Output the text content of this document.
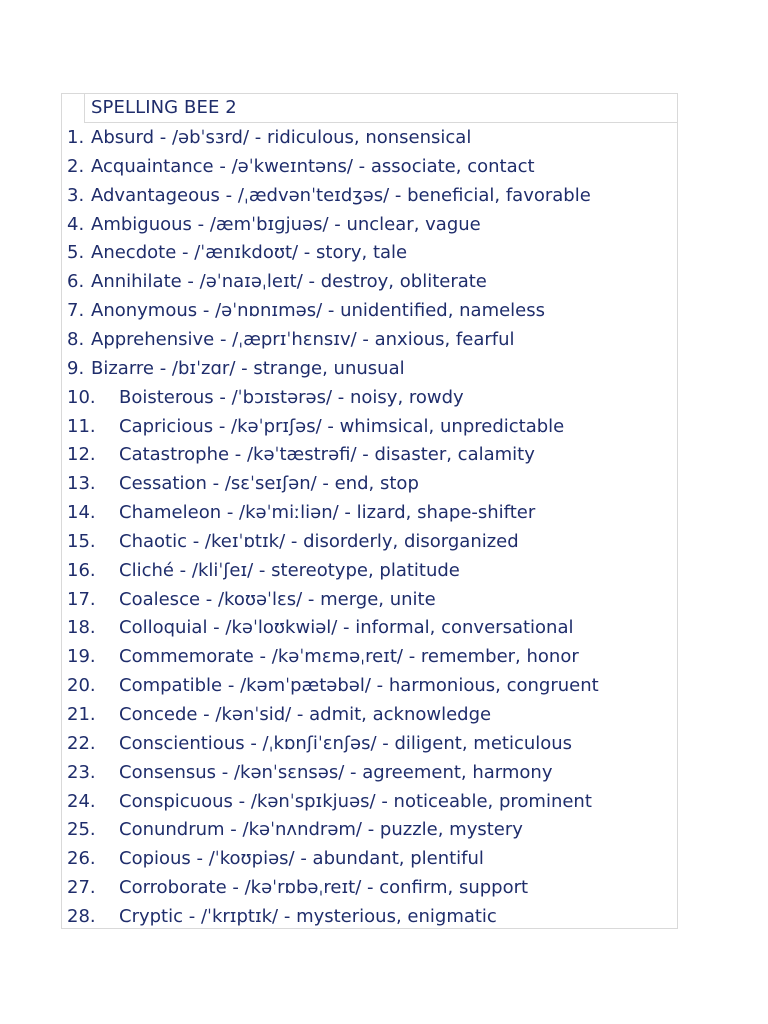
SPELLING BEE 2
1. Absurd - /əbˈsɜrd/ - ridiculous, nonsensical
2. Acquaintance - /əˈkweɪntəns/ - associate, contact
3. Advantageous - /ˌædvənˈteɪdʒəs/ - beneficial, favorable
4. Ambiguous - /æmˈbɪɡjuəs/ - unclear, vague
5. Anecdote - /ˈænɪkdoʊt/ - story, tale
6. Annihilate - /əˈnaɪəˌleɪt/ - destroy, obliterate
7. Anonymous - /əˈnɒnɪməs/ - unidentified, nameless
8. Apprehensive - /ˌæprɪˈhɛnsɪv/ - anxious, fearful
9. Bizarre - /bɪˈzɑr/ - strange, unusual
10. Boisterous - /ˈbɔɪstərəs/ - noisy, rowdy
11. Capricious - /kəˈprɪʃəs/ - whimsical, unpredictable
12. Catastrophe - /kəˈtæstrəfi/ - disaster, calamity
13. Cessation - /sɛˈseɪʃən/ - end, stop
14. Chameleon - /kəˈmiːliən/ - lizard, shape-shifter
15. Chaotic - /keɪˈɒtɪk/ - disorderly, disorganized
16. Cliché - /kliˈʃeɪ/ - stereotype, platitude
17. Coalesce - /koʊəˈlɛs/ - merge, unite
18. Colloquial - /kəˈloʊkwiəl/ - informal, conversational
19. Commemorate - /kəˈmɛməˌreɪt/ - remember, honor
20. Compatible - /kəmˈpætəbəl/ - harmonious, congruent
21. Concede - /kənˈsid/ - admit, acknowledge
22. Conscientious - /ˌkɒnʃiˈɛnʃəs/ - diligent, meticulous
23. Consensus - /kənˈsɛnsəs/ - agreement, harmony
24. Conspicuous - /kənˈspɪkjuəs/ - noticeable, prominent
25. Conundrum - /kəˈnʌndrəm/ - puzzle, mystery
26. Copious - /ˈkoʊpiəs/ - abundant, plentiful
27. Corroborate - /kəˈrɒbəˌreɪt/ - confirm, support
28. Cryptic - /ˈkrɪptɪk/ - mysterious, enigmatic
